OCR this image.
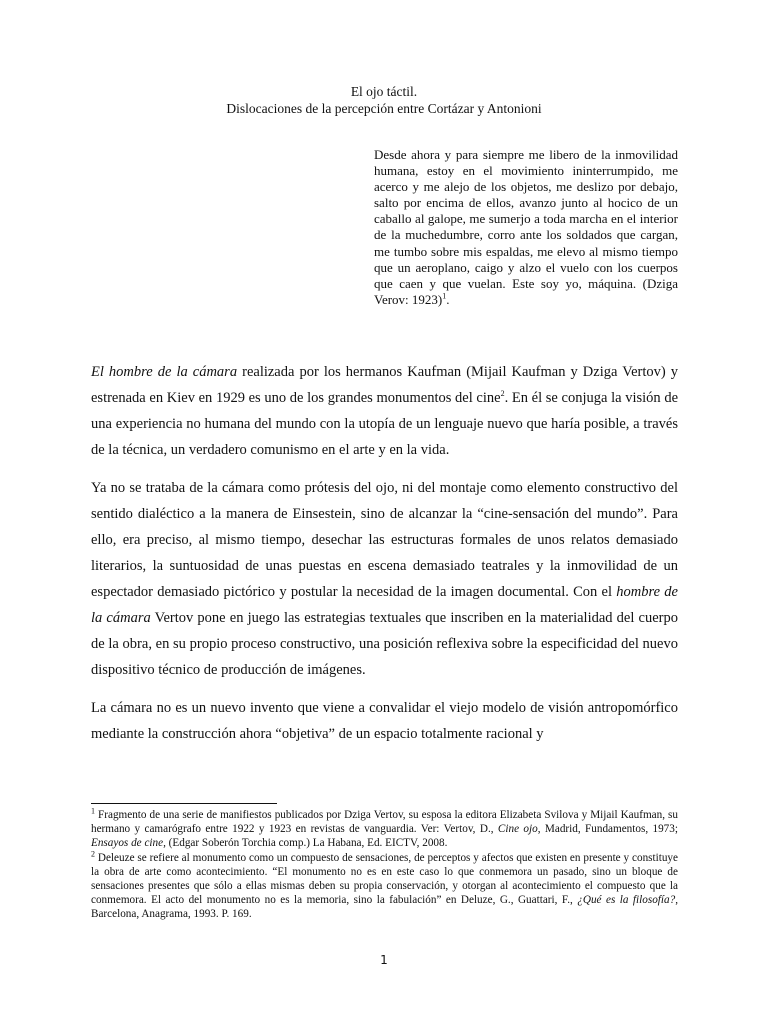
El ojo táctil.
Dislocaciones de la percepción entre Cortázar y Antonioni
Desde ahora y para siempre me libero de la inmovilidad humana, estoy en el movimiento ininterrumpido, me acerco y me alejo de los objetos, me deslizo por debajo, salto por encima de ellos, avanzo junto al hocico de un caballo al galope, me sumerjo a toda marcha en el interior de la muchedumbre, corro ante los soldados que cargan, me tumbo sobre mis espaldas, me elevo al mismo tiempo que un aeroplano, caigo y alzo el vuelo con los cuerpos que caen y que vuelan. Este soy yo, máquina. (Dziga Verov: 1923)$^1$.

El hombre de la cámara realizada por los hermanos Kaufman (Mijail Kaufman y Dziga Vertov) y estrenada en Kiev en 1929 es uno de los grandes monumentos del cine$^2$. En él se conjuga la visión de una experiencia no humana del mundo con la utopía de un lenguaje nuevo que haría posible, a través de la técnica, un verdadero comunismo en el arte y en la vida.

Ya no se trataba de la cámara como prótesis del ojo, ni del montaje como elemento constructivo del sentido dialéctico a la manera de Einsestein, sino de alcanzar la “cine-sensación del mundo”. Para ello, era preciso, al mismo tiempo, desechar las estructuras formales de unos relatos demasiado literarios, la suntuosidad de unas puestas en escena demasiado teatrales y la inmovilidad de un espectador demasiado pictórico y postular la necesidad de la imagen documental. Con el hombre de la cámara Vertov pone en juego las estrategias textuales que inscriben en la materialidad del cuerpo de la obra, en su propio proceso constructivo, una posición reflexiva sobre la especificidad del nuevo dispositivo técnico de producción de imágenes.

La cámara no es un nuevo invento que viene a convalidar el viejo modelo de visión antropomórfico mediante la construcción ahora “objetiva” de un espacio totalmente racional y

$^1$ Fragmento de una serie de manifiestos publicados por Dziga Vertov, su esposa la editora Elizabeta Svilova y Mijail Kaufman, su hermano y camarógrafo entre 1922 y 1923 en revistas de vanguardia. Ver: Vertov, D., Cine ojo, Madrid, Fundamentos, 1973; Ensayos de cine, (Edgar Soberón Torchia comp.) La Habana, Ed. EICTV, 2008.

$^2$ Deleuze se refiere al monumento como un compuesto de sensaciones, de perceptos y afectos que existen en presente y constituye la obra de arte como acontecimiento. “El monumento no es en este caso lo que conmemora un pasado, sino un bloque de sensaciones presentes que sólo a ellas mismas deben su propia conservación, y otorgan al acontecimiento el compuesto que la conmemora. El acto del monumento no es la memoria, sino la fabulación” en Deluze, G., Guattari, F., ¿Qué es la filosofía?, Barcelona, Anagrama, 1993. P. 169.

1
